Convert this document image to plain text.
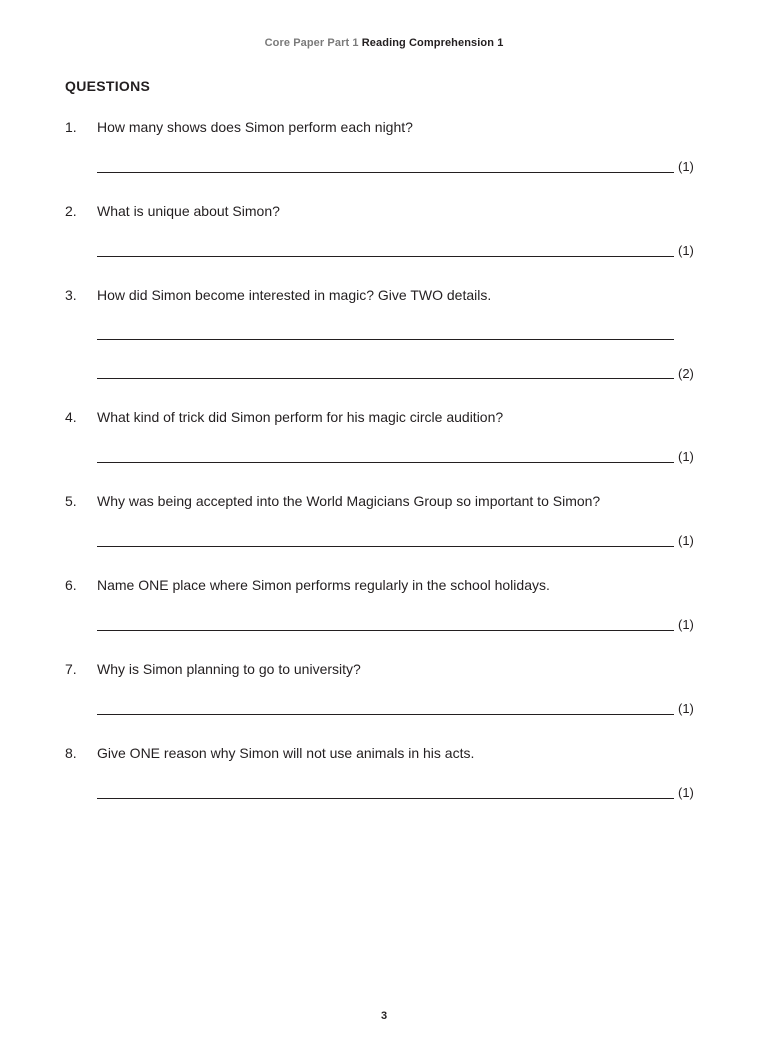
Core Paper Part 1 Reading Comprehension 1
QUESTIONS
1. How many shows does Simon perform each night?
(1)
2. What is unique about Simon?
(1)
3. How did Simon become interested in magic? Give TWO details.
(2)
4. What kind of trick did Simon perform for his magic circle audition?
(1)
5. Why was being accepted into the World Magicians Group so important to Simon?
(1)
6. Name ONE place where Simon performs regularly in the school holidays.
(1)
7. Why is Simon planning to go to university?
(1)
8. Give ONE reason why Simon will not use animals in his acts.
(1)
3
